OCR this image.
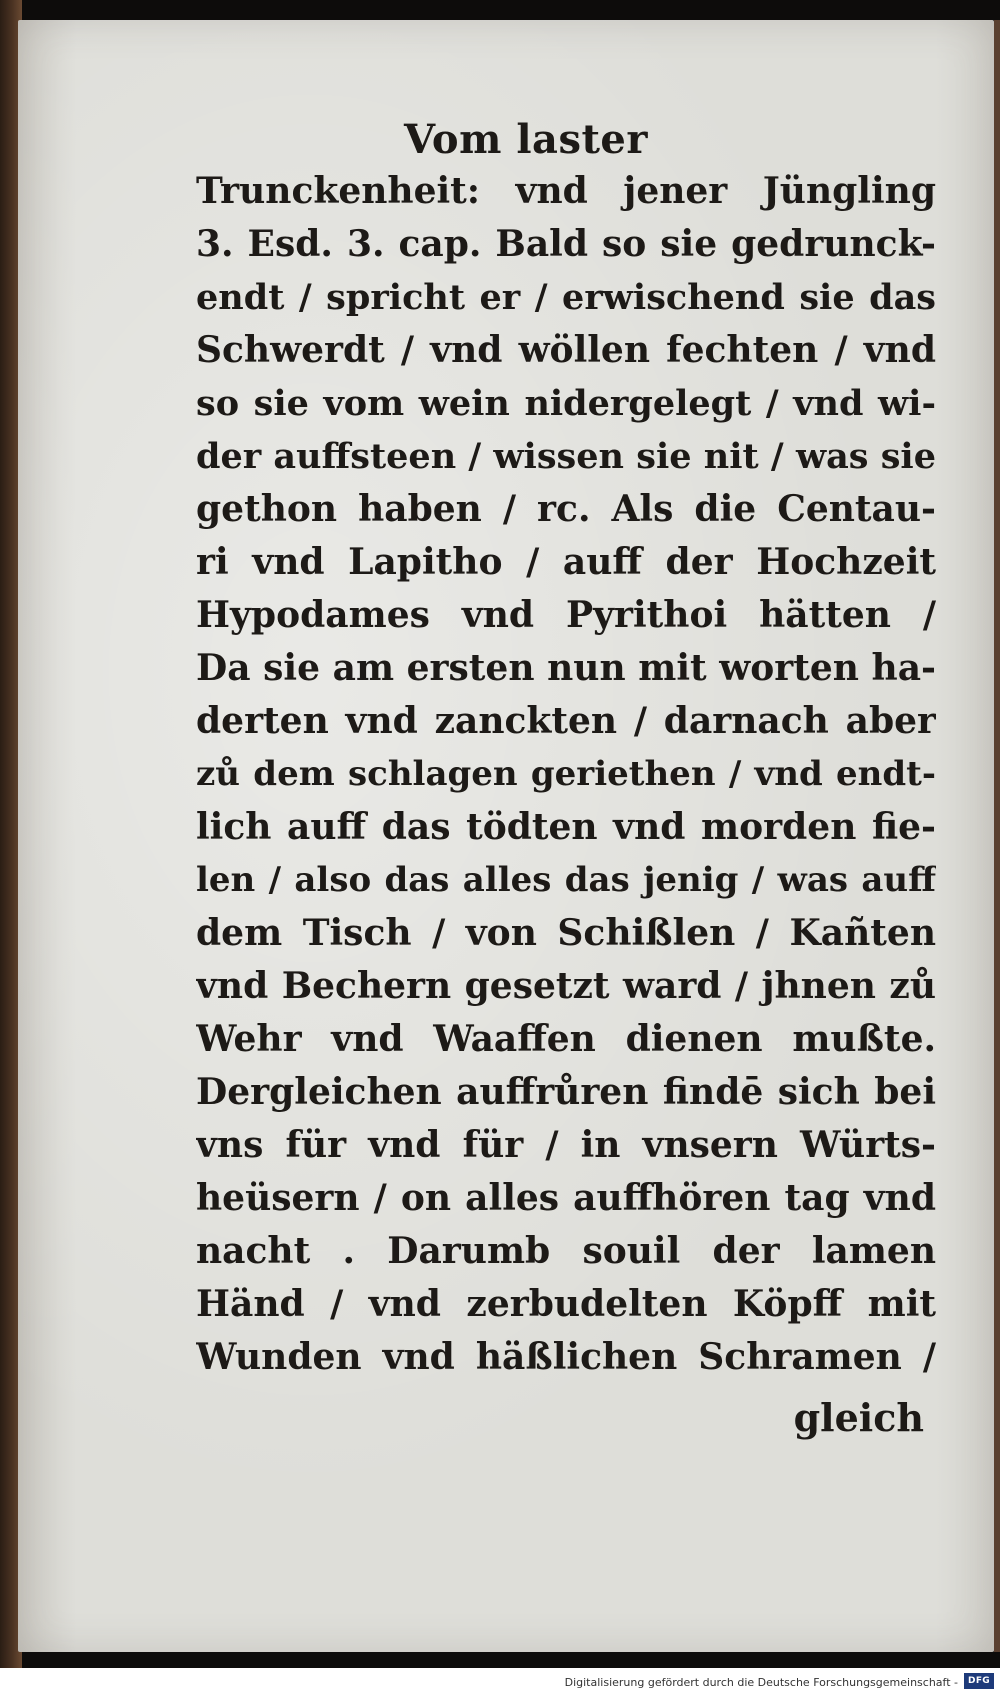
Vom laster
Trunckenheit: vnd jener Jüngling
3. Esd. 3. cap. Bald so sie gedrunck-
endt / spricht er / erwischend sie das
Schwerdt / vnd wöllen fechten / vnd
so sie vom wein nidergelegt / vnd wi-
der auffsteen / wissen sie nit / was sie
gethon haben / rc. Als die Centau-
ri vnd Lapitho / auff der Hochzeit
Hypodames vnd Pyrithoi hätten /
Da sie am ersten nun mit worten ha-
derten vnd zanckten / darnach aber
zů dem schlagen geriethen / vnd endt-
lich auff das tödten vnd morden fie-
len / also das alles das jenig / was auff
dem Tisch / von Schißlen / Kañten
vnd Bechern gesetzt ward / jhnen zů
Wehr vnd Waaffen dienen mußte.
Dergleichen auffrůren findē sich bei
vns für vnd für / in vnsern Würts-
heüsern / on alles auffhören tag vnd
nacht . Darumb souil der lamen
Händ / vnd zerbudelten Köpff mit
Wunden vnd häßlichen Schramen /
gleich
Digitalisierung gefördert durch die Deutsche Forschungsgemeinschaft -	DFG
